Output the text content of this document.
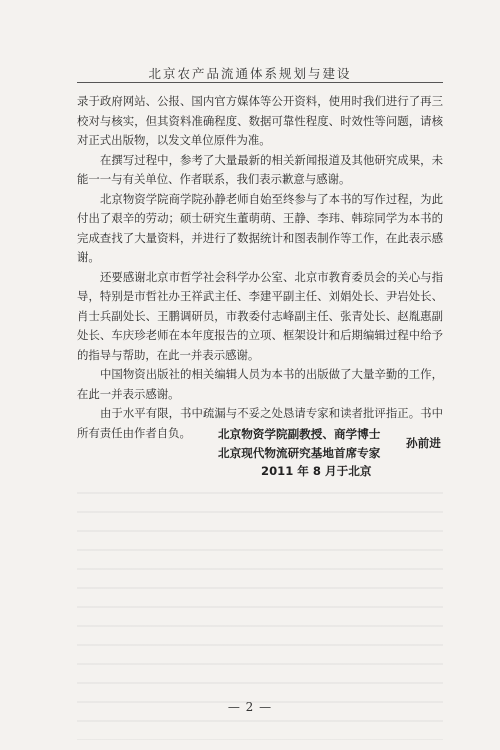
北京农产品流通体系规划与建设

录于政府网站、公报、国内官方媒体等公开资料，使用时我们进行了再三校对与核实，但其资料准确程度、数据可靠性程度、时效性等问题，请核对正式出版物，以发文单位原件为准。

在撰写过程中，参考了大量最新的相关新闻报道及其他研究成果，未能一一与有关单位、作者联系，我们表示歉意与感谢。

北京物资学院商学院孙静老师自始至终参与了本书的写作过程，为此付出了艰辛的劳动；硕士研究生董萌萌、王静、李玮、韩琮同学为本书的完成查找了大量资料，并进行了数据统计和图表制作等工作，在此表示感谢。

还要感谢北京市哲学社会科学办公室、北京市教育委员会的关心与指导，特别是市哲社办王祥武主任、李建平副主任、刘娟处长、尹岩处长、肖士兵副处长、王鹏调研员，市教委付志峰副主任、张青处长、赵胤惠副处长、车庆珍老师在本年度报告的立项、框架设计和后期编辑过程中给予的指导与帮助，在此一并表示感谢。

中国物资出版社的相关编辑人员为本书的出版做了大量辛勤的工作，在此一并表示感谢。

由于水平有限，书中疏漏与不妥之处恳请专家和读者批评指正。书中所有责任由作者自负。	北京物资学院副教授、商学博士
北京现代物流研究基地首席专家
孙前进
2011 年 8 月于北京
— 2 —
